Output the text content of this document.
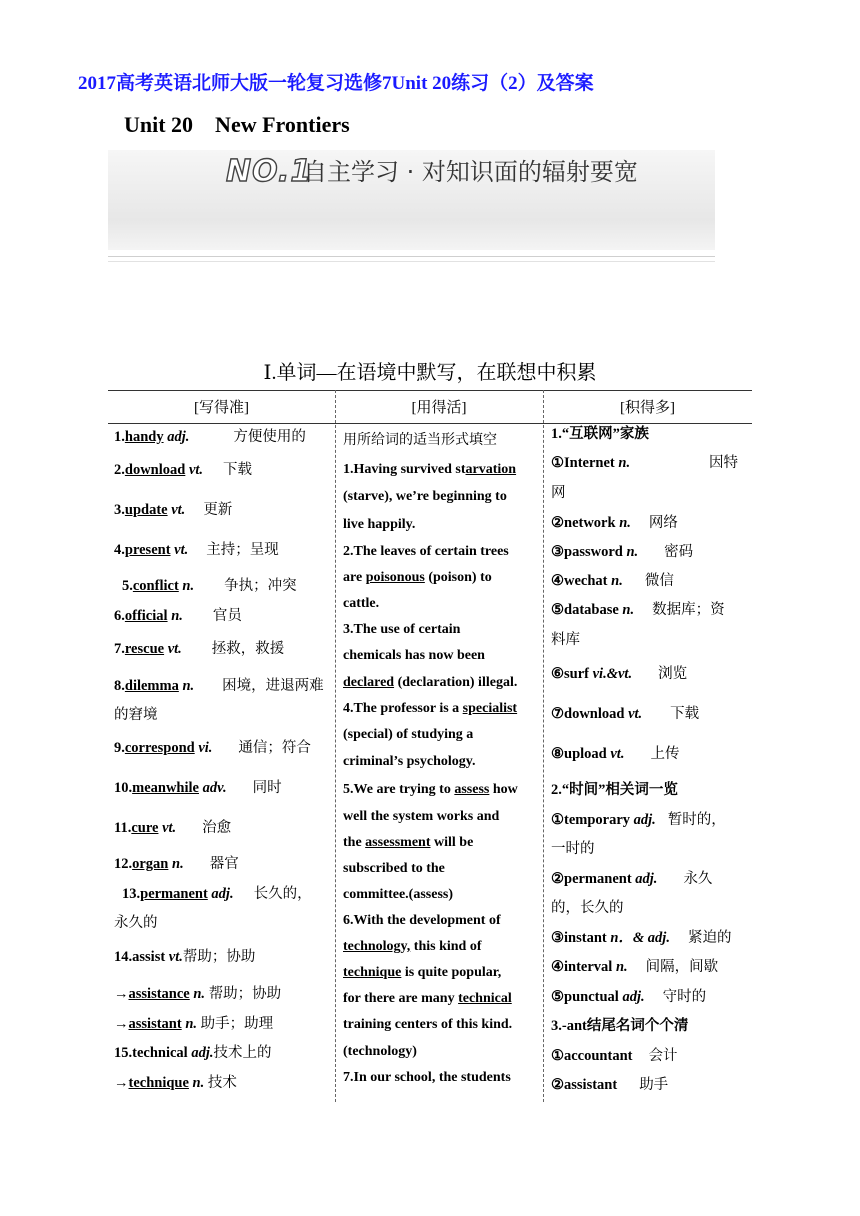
2017高考英语北师大版一轮复习选修7Unit 20练习（2）及答案
Unit 20　New Frontiers
NO.1
自主学习 · 对知识面的辐射要宽
Ⅰ.单词—在语境中默写，在联想中积累
[写得准]	[用得活]	[积得多]
1.handy adj.	方便使用的
2.download vt. 下载
3.update vt. 更新
4.present vt. 主持；呈现
5.conflict n. 争执；冲突
6.official n. 官员
7.rescue vt. 拯救，救援
8.dilemma n. 困境，进退两难
的窘境
9.correspond vi. 通信；符合
10.meanwhile adv. 同时
11.cure vt. 治愈
12.organ n. 器官
13.permanent adj. 长久的，
永久的
14.assist vt.帮助；协助
→assistance n. 帮助；协助
→assistant n. 助手；助理
15.technical adj.技术上的
→technique n. 技术
用所给词的适当形式填空
1.Having survived starvation
(starve), we’re beginning to
live happily.
2.The leaves of certain trees
are poisonous (poison) to
cattle.
3.The use of certain
chemicals has now been
declared (declaration) illegal.
4.The professor is a specialist
(special) of studying a
criminal’s psychology.
5.We are trying to assess how
well the system works and
the assessment will be
subscribed to the
committee.(assess)
6.With the development of
technology, this kind of
technique is quite popular,
for there are many technical
training centers of this kind.
(technology)
7.In our school, the students
1.“互联网”家族
①Internet n.	因特
网
②network n. 网络
③password n. 密码
④wechat n. 微信
⑤database n. 数据库；资
料库
⑥surf vi.&vt. 浏览
⑦download vt. 下载
⑧upload vt. 上传
2.“时间”相关词一览
①temporary adj. 暂时的，
一时的
②permanent adj. 永久
的，长久的
③instant n．& adj. 紧迫的
④interval n. 间隔，间歇
⑤punctual adj. 守时的
3.-ant结尾名词个个清
①accountant 会计
②assistant 助手
